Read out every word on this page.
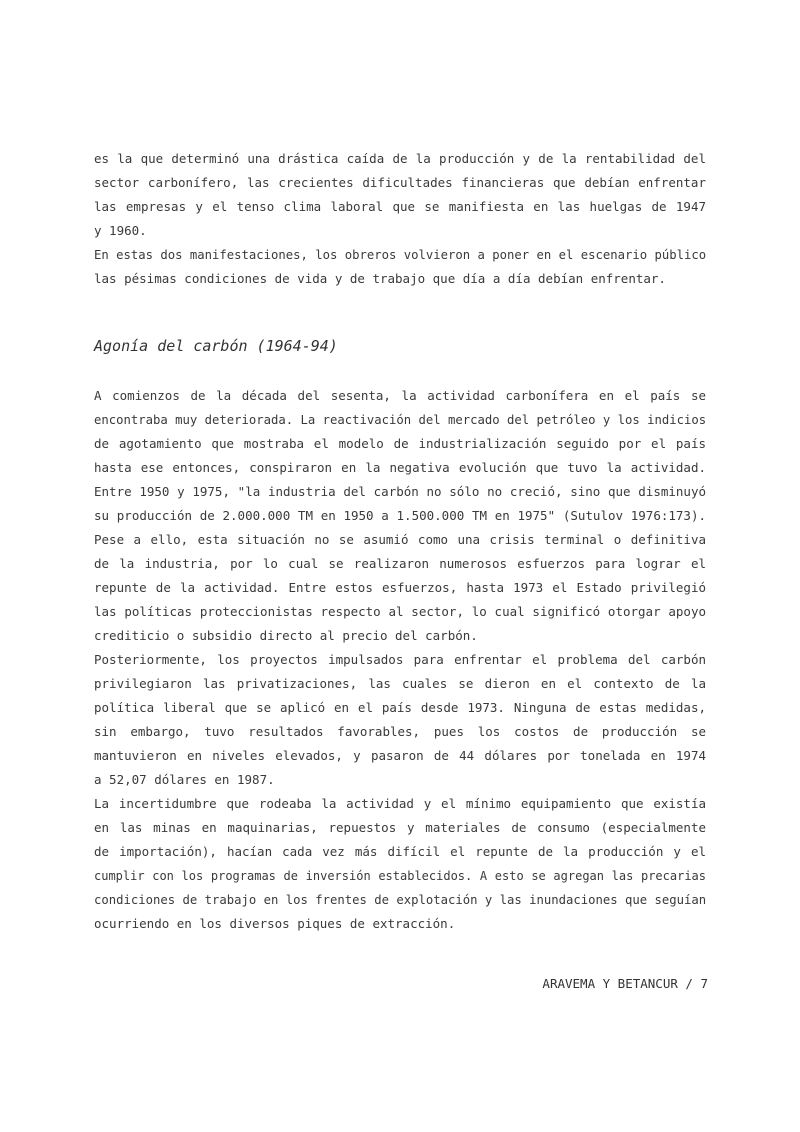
es la que determinó una drástica caída de la producción y de la rentabilidad del
sector carbonífero, las crecientes dificultades financieras que debían enfrentar
las empresas y el tenso clima laboral que se manifiesta en las huelgas de 1947
y 1960.
En estas dos manifestaciones, los obreros volvieron a poner en el escenario público
las pésimas condiciones de vida y de trabajo que día a día debían enfrentar.
Agonía del carbón (1964-94)
A comienzos de la década del sesenta, la actividad carbonífera en el país se
encontraba muy deteriorada. La reactivación del mercado del petróleo y los indicios
de agotamiento que mostraba el modelo de industrialización seguido por el país
hasta ese entonces, conspiraron en la negativa evolución que tuvo la actividad.
Entre 1950 y 1975, "la industria del carbón no sólo no creció, sino que disminuyó
su producción de 2.000.000 TM en 1950 a 1.500.000 TM en 1975" (Sutulov 1976:173).
Pese a ello, esta situación no se asumió como una crisis terminal o definitiva
de la industria, por lo cual se realizaron numerosos esfuerzos para lograr el
repunte de la actividad. Entre estos esfuerzos, hasta 1973 el Estado privilegió
las políticas proteccionistas respecto al sector, lo cual significó otorgar apoyo
crediticio o subsidio directo al precio del carbón.
Posteriormente, los proyectos impulsados para enfrentar el problema del carbón
privilegiaron las privatizaciones, las cuales se dieron en el contexto de la
política liberal que se aplicó en el país desde 1973. Ninguna de estas medidas,
sin embargo, tuvo resultados favorables, pues los costos de producción se
mantuvieron en niveles elevados, y pasaron de 44 dólares por tonelada en 1974
a 52,07 dólares en 1987.
La incertidumbre que rodeaba la actividad y el mínimo equipamiento que existía
en las minas en maquinarias, repuestos y materiales de consumo (especialmente
de importación), hacían cada vez más difícil el repunte de la producción y el
cumplir con los programas de inversión establecidos. A esto se agregan las precarias
condiciones de trabajo en los frentes de explotación y las inundaciones que seguían
ocurriendo en los diversos piques de extracción.
ARAVEMA Y BETANCUR / 7
